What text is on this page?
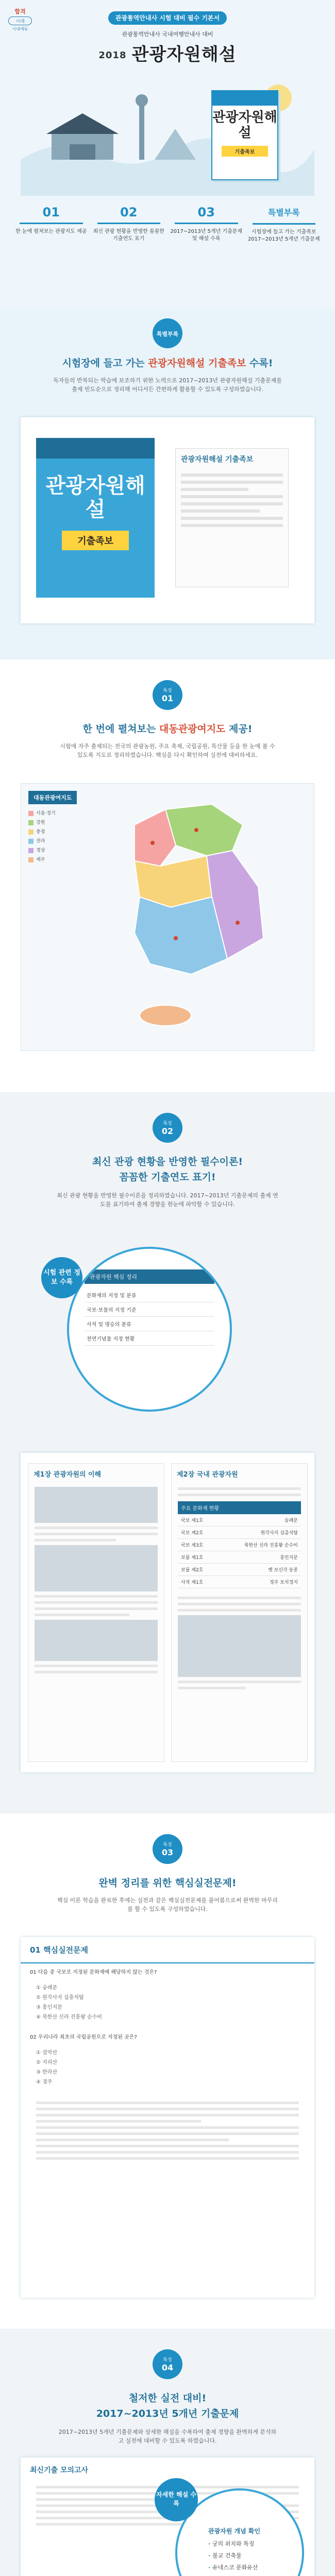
합격
시대
시대에듀
관광통역안내사 시험 대비 필수 기본서
관광통역안내사 국내여행안내사 대비
2018 관광자원해설
관광자원해설
기출족보
01
한 눈에 펼쳐보는 관광지도 제공
02
최신 관광 현황을 반영한 꼼꼼한 기출연도 표기
03
2017~2013년 5개년 기출문제 및 해설 수록
특별부록
시험장에 들고 가는 기출족보 2017~2013년 5개년 기출문제
특별부록
시험장에 들고 가는 관광자원해설 기출족보 수록!
독자들의 반복되는 학습에 보조하기 위한 노력으로 2017~2013년 관광자원해설 기출문제를 출제 빈도순으로 정리해 어디서든 간편하게 활용할 수 있도록 구성하였습니다.
관광자원해설
기출족보
관광자원해설 기출족보
특징
01
한 번에 펼쳐보는 대동관광여지도 제공!
시험에 자주 출제되는 전국의 관광농원, 주요 축제, 국립공원, 특산물 등을 한 눈에 볼 수 있도록 지도로 정리하였습니다. 핵심을 다시 확인하며 실전에 대비하세요.
대동관광여지도
서울·경기
강원
충청
전라
경상
제주
특징
02
최신 관광 현황을 반영한 필수이론!
꼼꼼한 기출연도 표기!
최신 관광 현황을 반영한 필수이론을 정리하였습니다. 2017~2013년 기출문제의 출제 연도를 표기하여 출제 경향을 한눈에 파악할 수 있습니다.
관광자원 핵심 정리
문화재의 지정 및 분류
국보·보물의 지정 기준
사적 및 명승의 분류
천연기념물 지정 현황
시험 관련 정보 수록
제1장 관광자원의 이해	제2장 국내 관광자원
주요 문화재 현황
국보 제1호	숭례문
국보 제2호	원각사지 십층석탑
국보 제3호	북한산 신라 진흥왕 순수비
보물 제1호	흥인지문
보물 제2호	옛 보신각 동종
사적 제1호	경주 포석정지
특징
03
완벽 정리를 위한 핵심실전문제!
핵심 이론 학습을 완료한 후에는 실전과 같은 핵심실전문제를 풀어봄으로써 완벽한 마무리를 할 수 있도록 구성하였습니다.
01 핵심실전문제
01 다음 중 국보로 지정된 문화재에 해당하지 않는 것은?
① 숭례문
② 원각사지 십층석탑
③ 흥인지문
④ 북한산 신라 진흥왕 순수비
02 우리나라 최초의 국립공원으로 지정된 곳은?
① 설악산
② 지리산
③ 한라산
④ 경주
특징
04
철저한 실전 대비!
2017~2013년 5개년 기출문제
2017~2013년 5개년 기출문제와 상세한 해설을 수록하여 출제 경향을 완벽하게 분석하고 실전에 대비할 수 있도록 하였습니다.
최신기출 모의고사
관광자원 개념 확인
· 궁의 위치와 특징
· 불교 건축물
· 유네스코 문화유산
·
자세한 해설 수록
